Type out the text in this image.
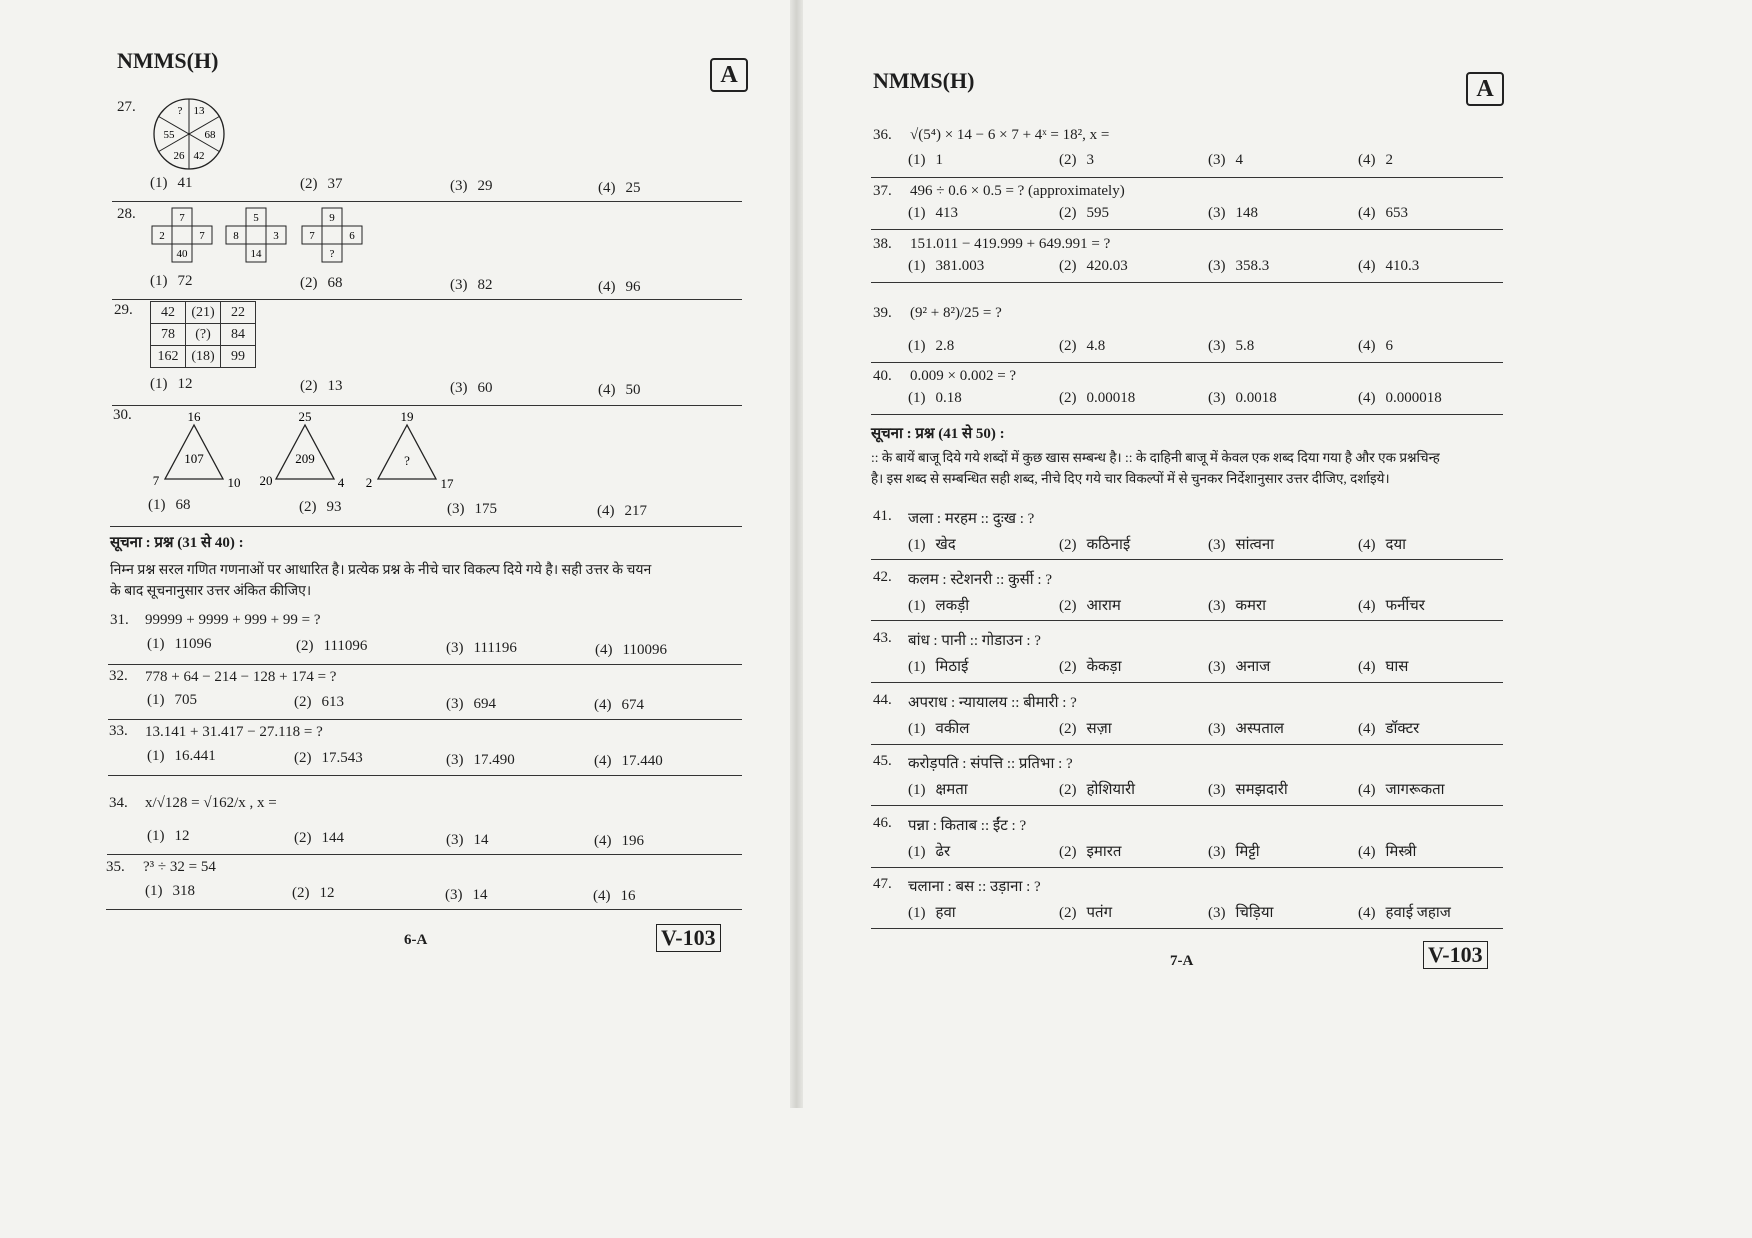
NMMS(H)
A
27.	? 13
68
42
26
55
(1) 41	(2) 37	(3) 29	(4) 25
28.	7
2	7
40
5
8	3
14
9
7	6
?
(1) 72	(2) 68	(3) 82	(4) 96
29. 42	(21)	22
78	(?)	84
162	(18)	99
(1) 12	(2) 13	(3) 60	(4) 50
30.	16
7	10
107
25
20	4
209
19
2	17
?
(1) 68	(2) 93	(3) 175	(4) 217
सूचना : प्रश्न (31 से 40) :
निम्न प्रश्न सरल गणित गणनाओं पर आधारित है। प्रत्येक प्रश्न के नीचे चार विकल्प दिये गये है। सही उत्तर के चयन
के बाद सूचनानुसार उत्तर अंकित कीजिए।
31. 99999 + 9999 + 999 + 99 = ?
(1) 11096	(2) 111096	(3) 111196	(4) 110096
32. 778 + 64 − 214 − 128 + 174 = ?
(1) 705	(2) 613	(3) 694	(4) 674
33. 13.141 + 31.417 − 27.118 = ?
(1) 16.441	(2) 17.543	(3) 17.490	(4) 17.440
34. x/√128 = √162/x , x =
(1) 12	(2) 144	(3) 14	(4) 196
35. ?³ ÷ 32 = 54
(1) 318	(2) 12	(3) 14	(4) 16
6-A	V-103
NMMS(H)	A
36. √(5⁴) × 14 − 6 × 7 + 4ˣ = 18², x =
(1) 1	(2) 3	(3) 4	(4) 2
37. 496 ÷ 0.6 × 0.5 = ? (approximately)
(1) 413	(2) 595	(3) 148	(4) 653
38. 151.011 − 419.999 + 649.991 = ?
(1) 381.003	(2) 420.03	(3) 358.3	(4) 410.3
39. (9² + 8²)/25 = ?
(1) 2.8	(2) 4.8	(3) 5.8	(4) 6
40. 0.009 × 0.002 = ?
(1) 0.18	(2) 0.00018	(3) 0.0018	(4) 0.000018
सूचना : प्रश्न (41 से 50) :
:: के बायें बाजू दिये गये शब्दों में कुछ खास सम्बन्ध है। :: के दाहिनी बाजू में केवल एक शब्द दिया गया है और एक प्रश्नचिन्ह
है। इस शब्द से सम्बन्धित सही शब्द, नीचे दिए गये चार विकल्पों में से चुनकर निर्देशानुसार उत्तर दीजिए, दर्शाइये।
41. जला : मरहम :: दुःख : ?
(1) खेद	(2) कठिनाई	(3) सांत्वना	(4) दया
42. कलम : स्टेशनरी :: कुर्सी : ?
(1) लकड़ी	(2) आराम	(3) कमरा	(4) फर्नीचर
43. बांध : पानी :: गोडाउन : ?
(1) मिठाई	(2) केकड़ा	(3) अनाज	(4) घास
44. अपराध : न्यायालय :: बीमारी : ?
(1) वकील	(2) सज़ा	(3) अस्पताल	(4) डॉक्टर
45. करोड़पति : संपत्ति :: प्रतिभा : ?
(1) क्षमता	(2) होशियारी	(3) समझदारी	(4) जागरूकता
46. पन्ना : किताब :: ईंट : ?
(1) ढेर	(2) इमारत	(3) मिट्टी	(4) मिस्त्री
47. चलाना : बस :: उड़ाना : ?
(1) हवा	(2) पतंग	(3) चिड़िया	(4) हवाई जहाज
7-A	V-103
